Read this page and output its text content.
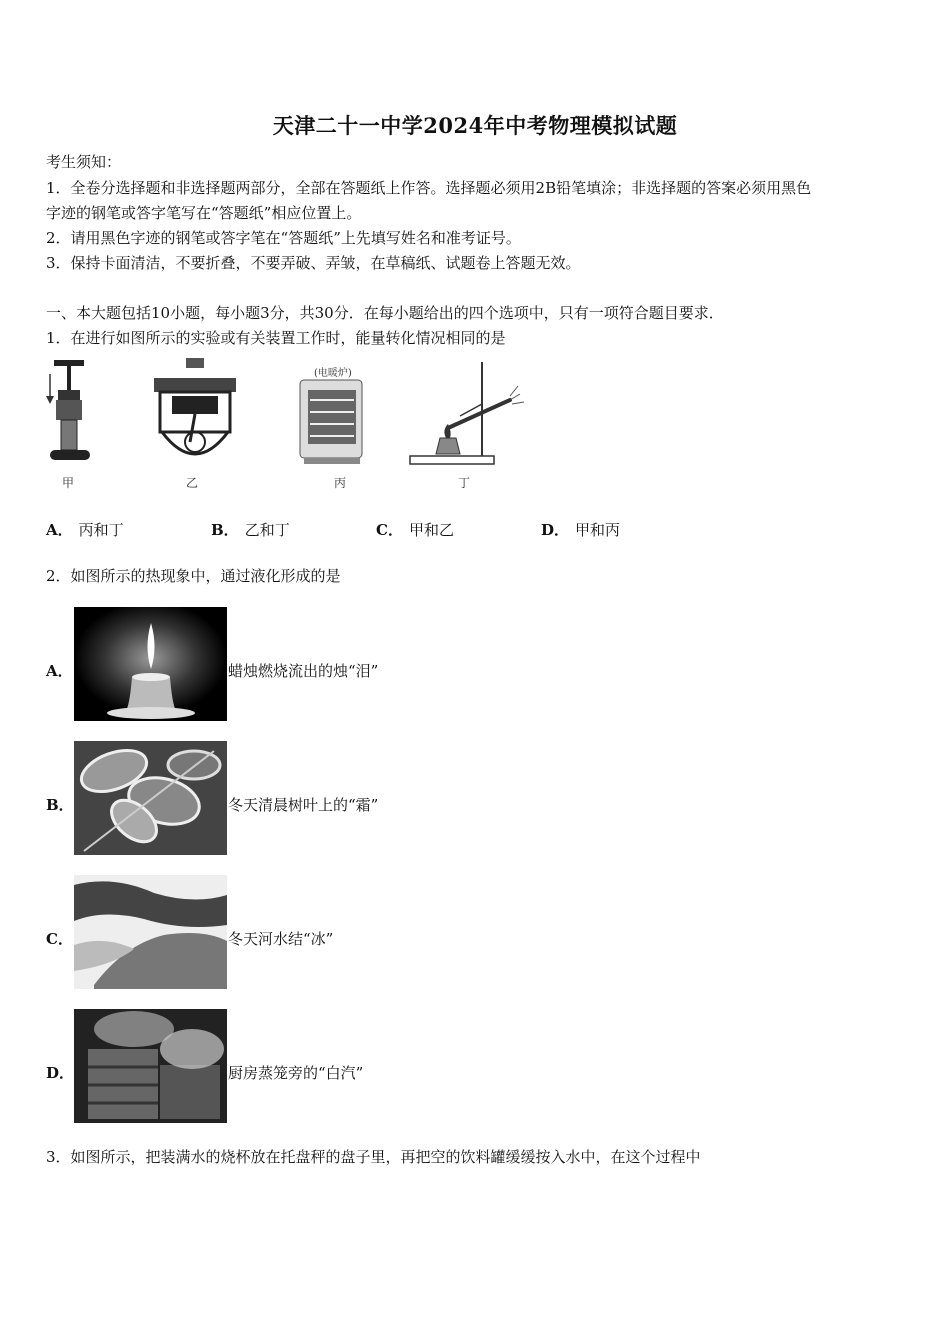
天津二十一中学2024年中考物理模拟试题
考生须知：
1．全卷分选择题和非选择题两部分，全部在答题纸上作答。选择题必须用2B铅笔填涂；非选择题的答案必须用黑色
字迹的钢笔或答字笔写在“答题纸”相应位置上。
2．请用黑色字迹的钢笔或答字笔在“答题纸”上先填写姓名和准考证号。
3．保持卡面清洁，不要折叠，不要弄破、弄皱，在草稿纸、试题卷上答题无效。
一、本大题包括10小题，每小题3分，共30分．在每小题给出的四个选项中，只有一项符合题目要求．
1．在进行如图所示的实验或有关装置工作时，能量转化情况相同的是
甲	乙
(电暖炉)
丙	丁
A． 丙和丁	B． 乙和丁	C． 甲和乙	D． 甲和丙
2．如图所示的热现象中，通过液化形成的是
A．	蜡烛燃烧流出的烛“泪”
B．	冬天清晨树叶上的“霜”
C．	冬天河水结“冰”
D．	厨房蒸笼旁的“白汽”
3．如图所示，把装满水的烧杯放在托盘秤的盘子里，再把空的饮料罐缓缓按入水中，在这个过程中
